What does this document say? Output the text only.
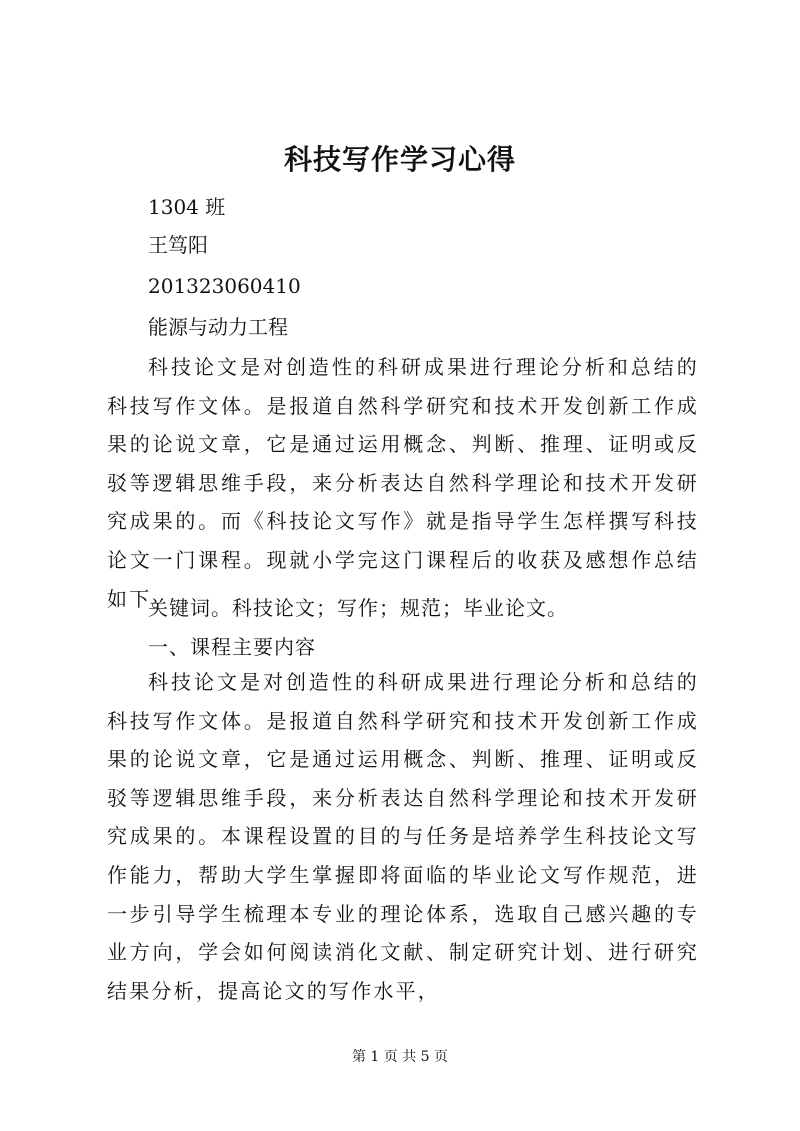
科技写作学习心得
1304 班
王笃阳
201323060410
能源与动力工程

科技论文是对创造性的科研成果进行理论分析和总结的科技写作文体。是报道自然科学研究和技术开发创新工作成果的论说文章，它是通过运用概念、判断、推理、证明或反驳等逻辑思维手段，来分析表达自然科学理论和技术开发研究成果的。而《科技论文写作》就是指导学生怎样撰写科技论文一门课程。现就小学完这门课程后的收获及感想作总结如下。

关键词。科技论文；写作；规范；毕业论文。
一、课程主要内容

科技论文是对创造性的科研成果进行理论分析和总结的科技写作文体。是报道自然科学研究和技术开发创新工作成果的论说文章，它是通过运用概念、判断、推理、证明或反驳等逻辑思维手段，来分析表达自然科学理论和技术开发研究成果的。本课程设置的目的与任务是培养学生科技论文写作能力，帮助大学生掌握即将面临的毕业论文写作规范，进一步引导学生梳理本专业的理论体系，选取自己感兴趣的专业方向，学会如何阅读消化文献、制定研究计划、进行研究结果分析，提高论文的写作水平，

第 1 页 共 5 页
